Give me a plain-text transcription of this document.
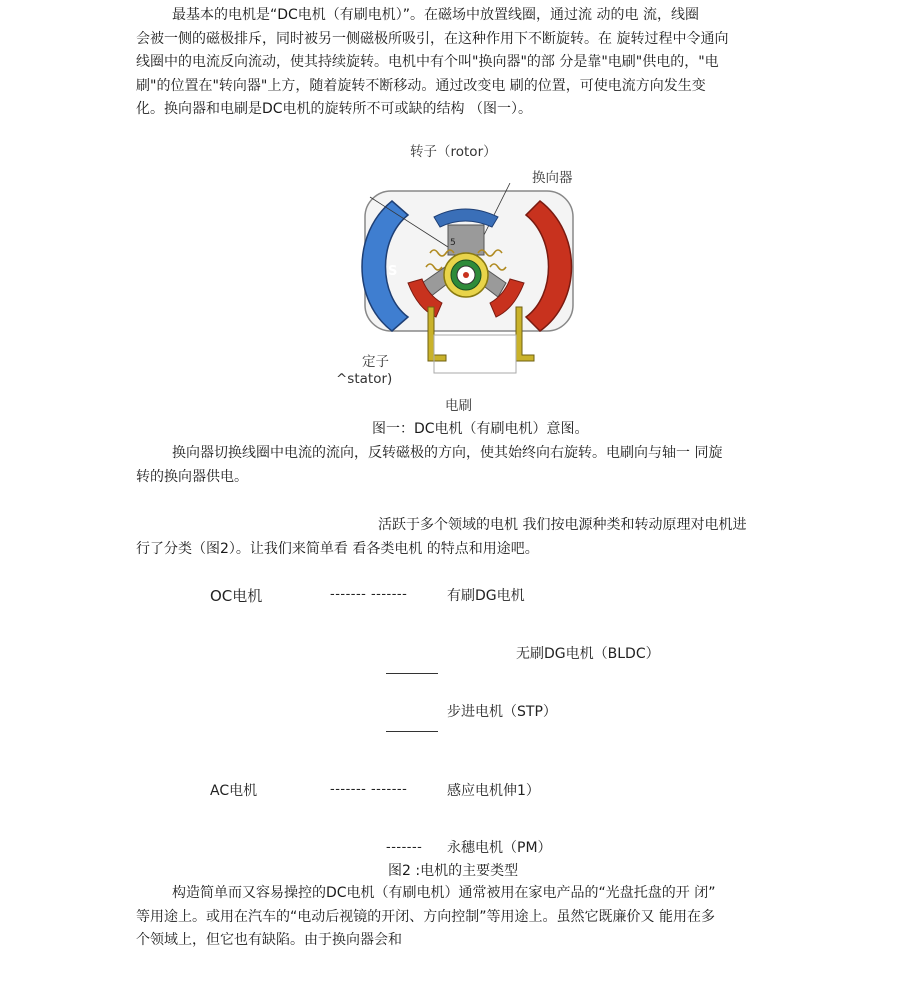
最基本的电机是“DC电机（有刷电机）”。在磁场中放置线圈，通过流 动的电 流，线圈
会被一侧的磁极排斥，同时被另一侧磁极所吸引，在这种作用下不断旋转。在 旋转过程中令通向
线圈中的电流反向流动，使其持续旋转。电机中有个叫"换向器"的部 分是靠"电刷"供电的，"电
刷"的位置在"转向器"上方，随着旋转不断移动。通过改变电 刷的位置，可使电流方向发生变
化。换向器和电刷是DC电机的旋转所不可或缺的结构 （图一）。
转子（rotor）
换向器
S
5
定子
^stator)
电刷
图一：DC电机（有刷电机）意图。
换向器切换线圈中电流的流向，反转磁极的方向，使其始终向右旋转。电刷向与轴一 同旋
转的换向器供电。
活跃于多个领域的电机 我们按电源种类和转动原理对电机进
行了分类（图2）。让我们来简单看 看各类电机 的特点和用途吧。
OC电机	------- -------	有刷DG电机
无刷DG电机（BLDC）
步进电机（STP）
AC电机	------- -------	感应电机伸1）
------- 永穗电机（PM）
图2 :电机的主要类型
构造简单而又容易操控的DC电机（有刷电机）通常被用在家电产品的“光盘托盘的开 闭”
等用途上。或用在汽车的“电动后视镜的开闭、方向控制”等用途上。虽然它既廉价又 能用在多
个领域上，但它也有缺陷。由于换向器会和
